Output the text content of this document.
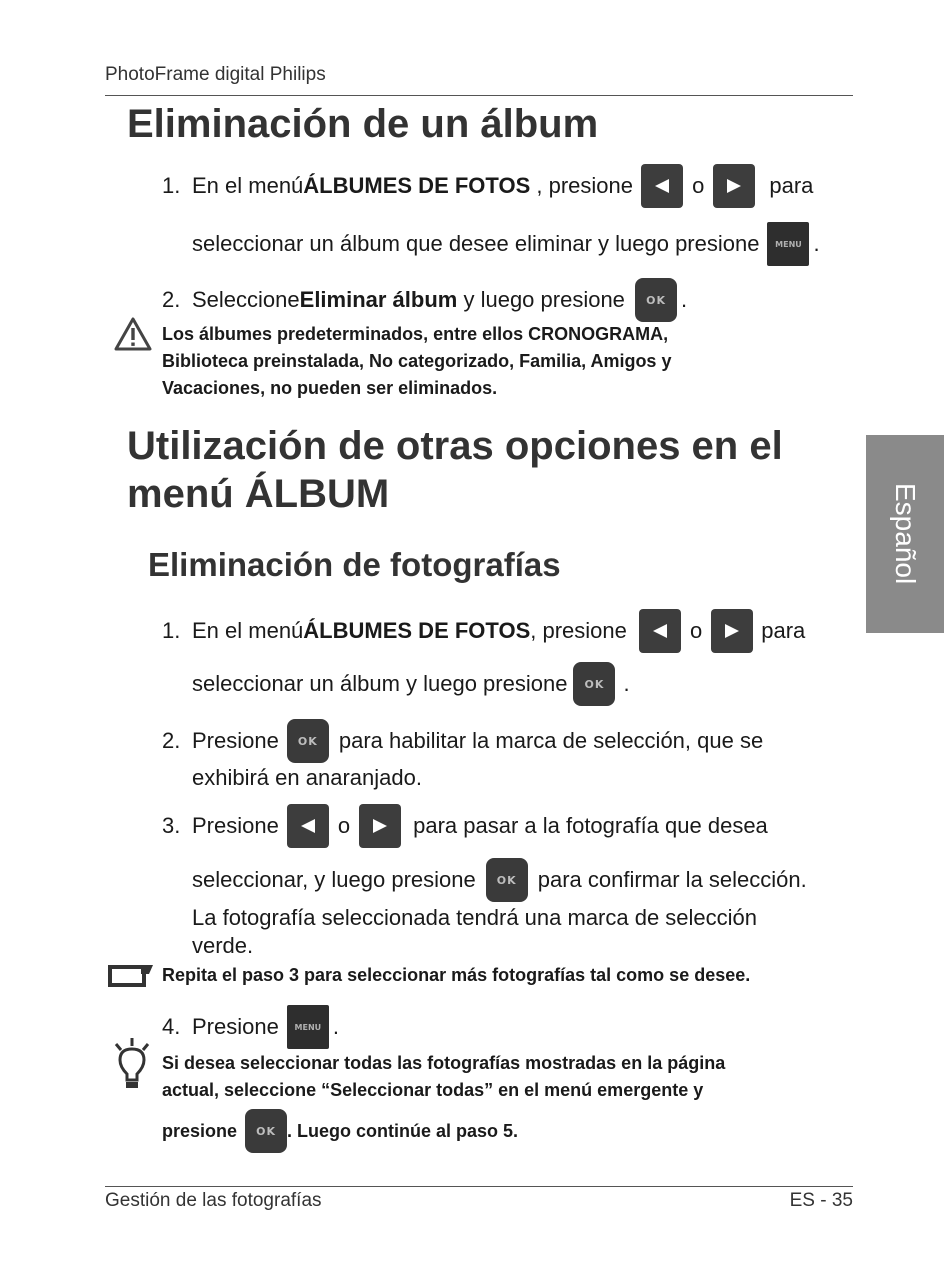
PhotoFrame digital Philips
Eliminación de un álbum
1. En el menú ÁLBUMES DE FOTOS , presione o	para
seleccionar un álbum que desee eliminar y luego presione MENU .
2. Seleccione Eliminar álbum y luego presione OK .
Los álbumes predeterminados, entre ellos CRONOGRAMA,
Biblioteca preinstalada, No categorizado, Familia, Amigos y
Vacaciones, no pueden ser eliminados.
Utilización de otras opciones en el
menú ÁLBUM
Eliminación de fotografías
1. En el menú ÁLBUMES DE FOTOS , presione	o	para
seleccionar un álbum y luego presione OK .
2. Presione OK para habilitar la marca de selección, que se
exhibirá en anaranjado.
3. Presione	o	para pasar a la fotografía que desea
seleccionar, y luego presione OK para confirmar la selección.
La fotografía seleccionada tendrá una marca de selección
verde.
Repita el paso 3 para seleccionar más fotografías tal como se desee.
4. Presione MENU .
Si desea seleccionar todas las fotografías mostradas en la página
actual, seleccione “Seleccionar todas” en el menú emergente y
presione OK . Luego continúe al paso 5.
Español
Gestión de las fotografías	ES - 35
